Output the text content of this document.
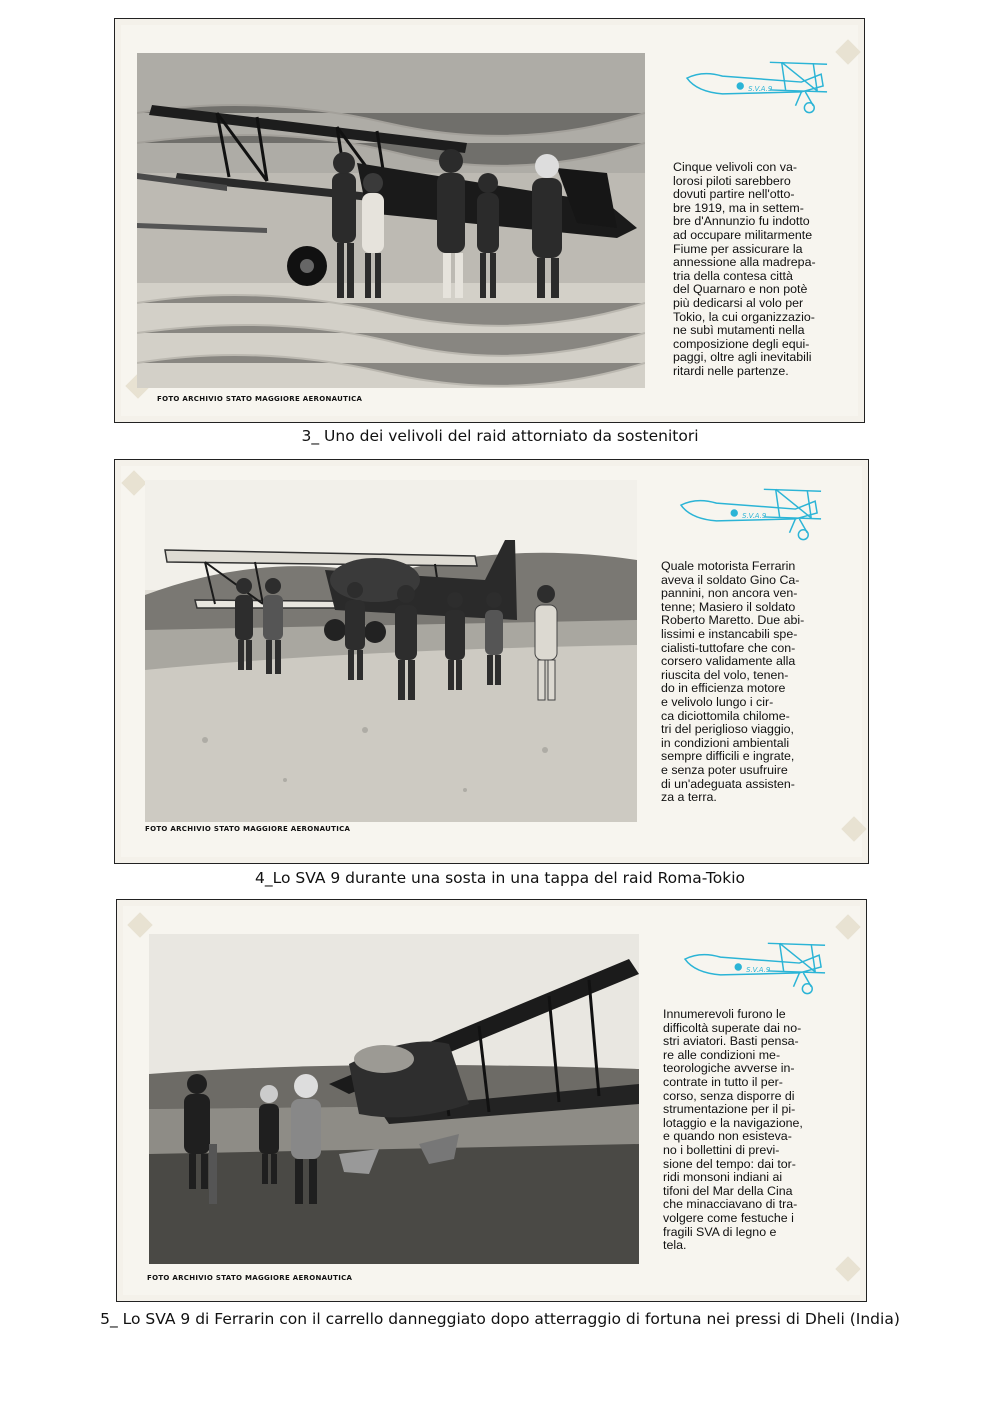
FOTO ARCHIVIO STATO MAGGIORE AERONAUTICA
S.V.A.9
Cinque velivoli con va-
lorosi piloti sarebbero
dovuti partire nell'otto-
bre 1919, ma in settem-
bre d'Annunzio fu indotto
ad occupare militarmente
Fiume per assicurare la
annessione alla madrepa-
tria della contesa città
del Quarnaro e non potè
più dedicarsi al volo per
Tokio, la cui organizzazio-
ne subì mutamenti nella
composizione degli equi-
paggi, oltre agli inevitabili
ritardi nelle partenze.
3_ Uno dei velivoli del raid attorniato da sostenitori
FOTO ARCHIVIO STATO MAGGIORE AERONAUTICA
S.V.A.9
Quale motorista Ferrarin
aveva il soldato Gino Ca-
pannini, non ancora ven-
tenne; Masiero il soldato
Roberto Maretto. Due abi-
lissimi e instancabili spe-
cialisti-tuttofare che con-
corsero validamente alla
riuscita del volo, tenen-
do in efficienza motore
e velivolo lungo i cir-
ca diciottomila chilome-
tri del periglioso viaggio,
in condizioni ambientali
sempre difficili e ingrate,
e senza poter usufruire
di un'adeguata assisten-
za a terra.
4_Lo SVA 9 durante una sosta in una tappa del raid Roma-Tokio
FOTO ARCHIVIO STATO MAGGIORE AERONAUTICA
S.V.A.9
Innumerevoli furono le
difficoltà superate dai no-
stri aviatori. Basti pensa-
re alle condizioni me-
teorologiche avverse in-
contrate in tutto il per-
corso, senza disporre di
strumentazione per il pi-
lotaggio e la navigazione,
e quando non esisteva-
no i bollettini di previ-
sione del tempo: dai tor-
ridi monsoni indiani ai
tifoni del Mar della Cina
che minacciavano di tra-
volgere come festuche i
fragili SVA di legno e
tela.
5_ Lo SVA 9 di Ferrarin con il carrello danneggiato dopo atterraggio di fortuna nei pressi di Dheli (India)
